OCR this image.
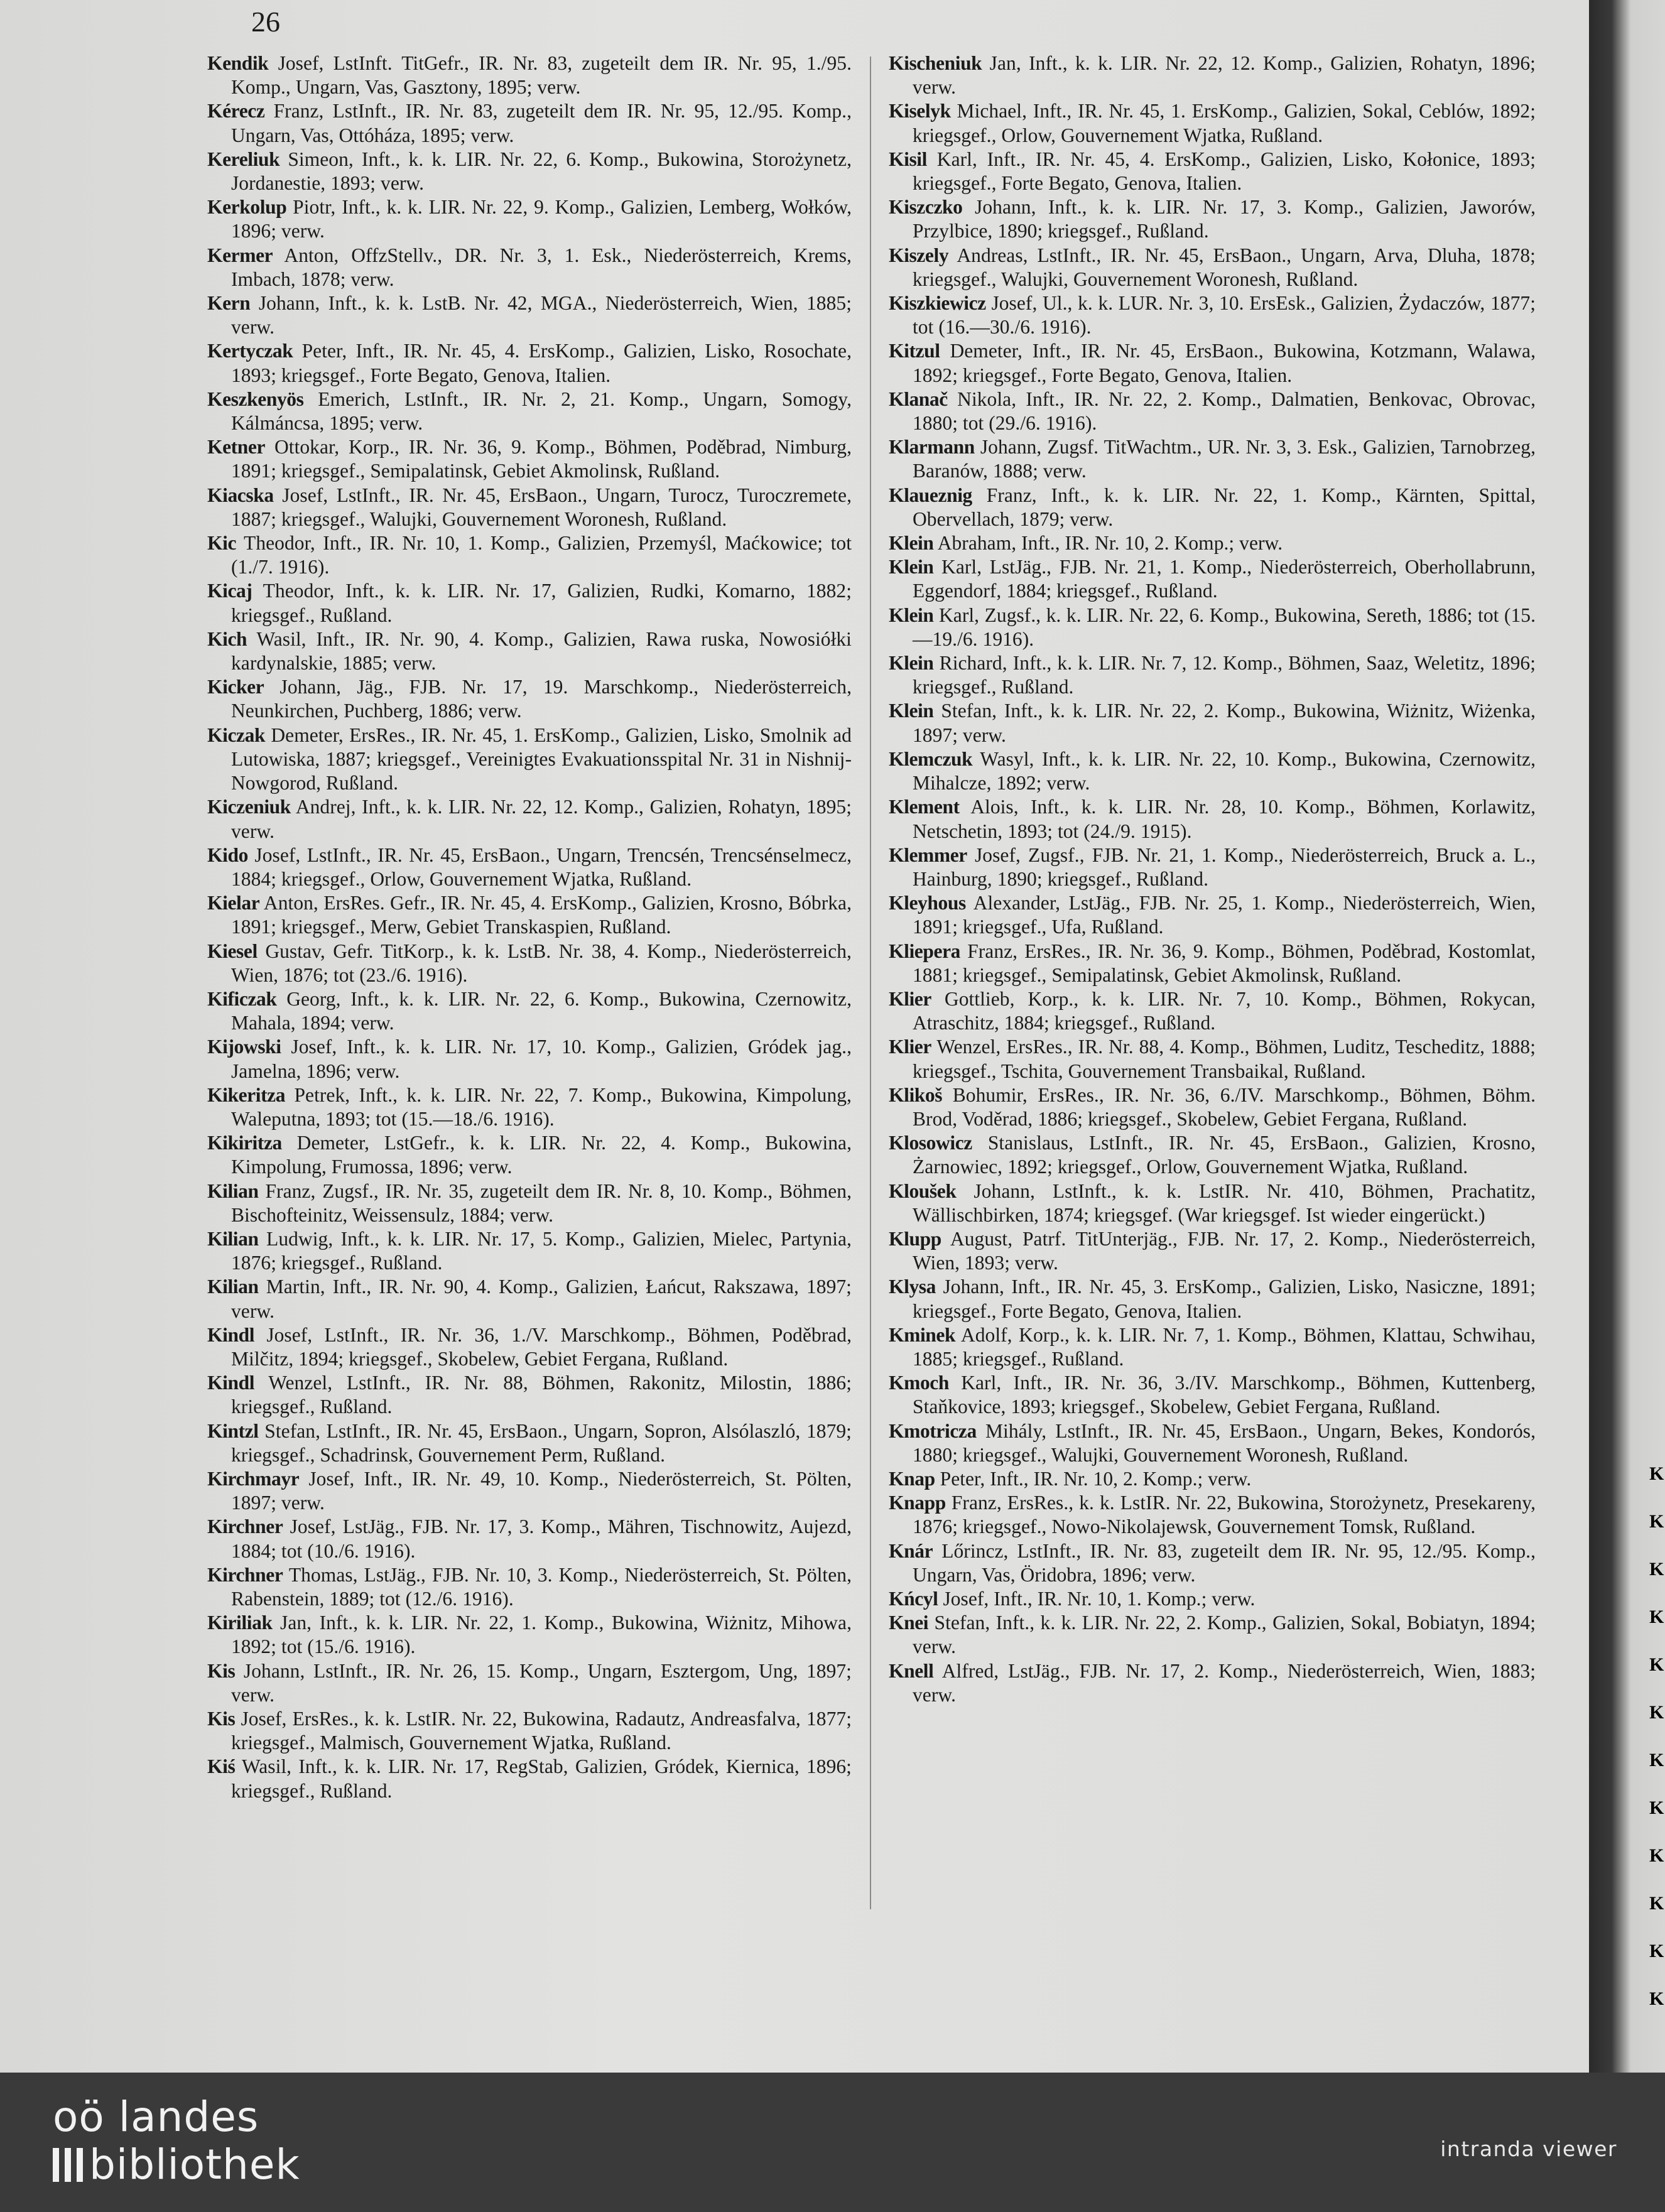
26

Kendik Josef, LstInft. TitGefr., IR. Nr. 83, zugeteilt dem IR. Nr. 95, 1./95. Komp., Ungarn, Vas, Gasztony, 1895; verw.

Kérecz Franz, LstInft., IR. Nr. 83, zugeteilt dem IR. Nr. 95, 12./95. Komp., Ungarn, Vas, Ottóháza, 1895; verw.

Kereliuk Simeon, Inft., k. k. LIR. Nr. 22, 6. Komp., Bukowina, Storożynetz, Jordanestie, 1893; verw.

Kerkolup Piotr, Inft., k. k. LIR. Nr. 22, 9. Komp., Galizien, Lemberg, Wołków, 1896; verw.

Kermer Anton, OffzStellv., DR. Nr. 3, 1. Esk., Niederösterreich, Krems, Imbach, 1878; verw.

Kern Johann, Inft., k. k. LstB. Nr. 42, MGA., Niederösterreich, Wien, 1885; verw.

Kertyczak Peter, Inft., IR. Nr. 45, 4. ErsKomp., Galizien, Lisko, Rosochate, 1893; kriegsgef., Forte Begato, Genova, Italien.

Keszkenyös Emerich, LstInft., IR. Nr. 2, 21. Komp., Ungarn, Somogy, Kálmáncsa, 1895; verw.

Ketner Ottokar, Korp., IR. Nr. 36, 9. Komp., Böhmen, Poděbrad, Nimburg, 1891; kriegsgef., Semipalatinsk, Gebiet Akmolinsk, Rußland.

Kiacska Josef, LstInft., IR. Nr. 45, ErsBaon., Ungarn, Turocz, Turoczremete, 1887; kriegsgef., Walujki, Gouvernement Woronesh, Rußland.

Kic Theodor, Inft., IR. Nr. 10, 1. Komp., Galizien, Przemyśl, Maćkowice; tot (1./7. 1916).

Kicaj Theodor, Inft., k. k. LIR. Nr. 17, Galizien, Rudki, Komarno, 1882; kriegsgef., Rußland.

Kich Wasil, Inft., IR. Nr. 90, 4. Komp., Galizien, Rawa ruska, Nowosiółki kardynalskie, 1885; verw.

Kicker Johann, Jäg., FJB. Nr. 17, 19. Marschkomp., Niederösterreich, Neunkirchen, Puchberg, 1886; verw.

Kiczak Demeter, ErsRes., IR. Nr. 45, 1. ErsKomp., Galizien, Lisko, Smolnik ad Lutowiska, 1887; kriegsgef., Vereinigtes Evakuationsspital Nr. 31 in Nishnij-Nowgorod, Rußland.

Kiczeniuk Andrej, Inft., k. k. LIR. Nr. 22, 12. Komp., Galizien, Rohatyn, 1895; verw.

Kido Josef, LstInft., IR. Nr. 45, ErsBaon., Ungarn, Trencsén, Trencsénselmecz, 1884; kriegsgef., Orlow, Gouvernement Wjatka, Rußland.

Kielar Anton, ErsRes. Gefr., IR. Nr. 45, 4. ErsKomp., Galizien, Krosno, Bóbrka, 1891; kriegsgef., Merw, Gebiet Transkaspien, Rußland.

Kiesel Gustav, Gefr. TitKorp., k. k. LstB. Nr. 38, 4. Komp., Niederösterreich, Wien, 1876; tot (23./6. 1916).

Kificzak Georg, Inft., k. k. LIR. Nr. 22, 6. Komp., Bukowina, Czernowitz, Mahala, 1894; verw.

Kijowski Josef, Inft., k. k. LIR. Nr. 17, 10. Komp., Galizien, Gródek jag., Jamelna, 1896; verw.

Kikeritza Petrek, Inft., k. k. LIR. Nr. 22, 7. Komp., Bukowina, Kimpolung, Waleputna, 1893; tot (15.—18./6. 1916).

Kikiritza Demeter, LstGefr., k. k. LIR. Nr. 22, 4. Komp., Bukowina, Kimpolung, Frumossa, 1896; verw.

Kilian Franz, Zugsf., IR. Nr. 35, zugeteilt dem IR. Nr. 8, 10. Komp., Böhmen, Bischofteinitz, Weissensulz, 1884; verw.

Kilian Ludwig, Inft., k. k. LIR. Nr. 17, 5. Komp., Galizien, Mielec, Partynia, 1876; kriegsgef., Rußland.

Kilian Martin, Inft., IR. Nr. 90, 4. Komp., Galizien, Łańcut, Rakszawa, 1897; verw.

Kindl Josef, LstInft., IR. Nr. 36, 1./V. Marschkomp., Böhmen, Poděbrad, Milčitz, 1894; kriegsgef., Skobelew, Gebiet Fergana, Rußland.

Kindl Wenzel, LstInft., IR. Nr. 88, Böhmen, Rakonitz, Milostin, 1886; kriegsgef., Rußland.

Kintzl Stefan, LstInft., IR. Nr. 45, ErsBaon., Ungarn, Sopron, Alsólaszló, 1879; kriegsgef., Schadrinsk, Gouvernement Perm, Rußland.

Kirchmayr Josef, Inft., IR. Nr. 49, 10. Komp., Niederösterreich, St. Pölten, 1897; verw.

Kirchner Josef, LstJäg., FJB. Nr. 17, 3. Komp., Mähren, Tischnowitz, Aujezd, 1884; tot (10./6. 1916).

Kirchner Thomas, LstJäg., FJB. Nr. 10, 3. Komp., Niederösterreich, St. Pölten, Rabenstein, 1889; tot (12./6. 1916).

Kiriliak Jan, Inft., k. k. LIR. Nr. 22, 1. Komp., Bukowina, Wiżnitz, Mihowa, 1892; tot (15./6. 1916).

Kis Johann, LstInft., IR. Nr. 26, 15. Komp., Ungarn, Esztergom, Ung, 1897; verw.

Kis Josef, ErsRes., k. k. LstIR. Nr. 22, Bukowina, Radautz, Andreasfalva, 1877; kriegsgef., Malmisch, Gouvernement Wjatka, Rußland.

Kiś Wasil, Inft., k. k. LIR. Nr. 17, RegStab, Galizien, Gródek, Kiernica, 1896; kriegsgef., Rußland.

Kischeniuk Jan, Inft., k. k. LIR. Nr. 22, 12. Komp., Galizien, Rohatyn, 1896; verw.

Kiselyk Michael, Inft., IR. Nr. 45, 1. ErsKomp., Galizien, Sokal, Ceblów, 1892; kriegsgef., Orlow, Gouvernement Wjatka, Rußland.

Kisil Karl, Inft., IR. Nr. 45, 4. ErsKomp., Galizien, Lisko, Kołonice, 1893; kriegsgef., Forte Begato, Genova, Italien.

Kiszczko Johann, Inft., k. k. LIR. Nr. 17, 3. Komp., Galizien, Jaworów, Przylbice, 1890; kriegsgef., Rußland.

Kiszely Andreas, LstInft., IR. Nr. 45, ErsBaon., Ungarn, Arva, Dluha, 1878; kriegsgef., Walujki, Gouvernement Woronesh, Rußland.

Kiszkiewicz Josef, Ul., k. k. LUR. Nr. 3, 10. ErsEsk., Galizien, Żydaczów, 1877; tot (16.—30./6. 1916).

Kitzul Demeter, Inft., IR. Nr. 45, ErsBaon., Bukowina, Kotzmann, Walawa, 1892; kriegsgef., Forte Begato, Genova, Italien.

Klanač Nikola, Inft., IR. Nr. 22, 2. Komp., Dalmatien, Benkovac, Obrovac, 1880; tot (29./6. 1916).

Klarmann Johann, Zugsf. TitWachtm., UR. Nr. 3, 3. Esk., Galizien, Tarnobrzeg, Baranów, 1888; verw.

Klaueznig Franz, Inft., k. k. LIR. Nr. 22, 1. Komp., Kärnten, Spittal, Obervellach, 1879; verw.

Klein Abraham, Inft., IR. Nr. 10, 2. Komp.; verw.

Klein Karl, LstJäg., FJB. Nr. 21, 1. Komp., Niederösterreich, Oberhollabrunn, Eggendorf, 1884; kriegsgef., Rußland.

Klein Karl, Zugsf., k. k. LIR. Nr. 22, 6. Komp., Bukowina, Sereth, 1886; tot (15.—19./6. 1916).

Klein Richard, Inft., k. k. LIR. Nr. 7, 12. Komp., Böhmen, Saaz, Weletitz, 1896; kriegsgef., Rußland.

Klein Stefan, Inft., k. k. LIR. Nr. 22, 2. Komp., Bukowina, Wiżnitz, Wiżenka, 1897; verw.

Klemczuk Wasyl, Inft., k. k. LIR. Nr. 22, 10. Komp., Bukowina, Czernowitz, Mihalcze, 1892; verw.

Klement Alois, Inft., k. k. LIR. Nr. 28, 10. Komp., Böhmen, Korlawitz, Netschetin, 1893; tot (24./9. 1915).

Klemmer Josef, Zugsf., FJB. Nr. 21, 1. Komp., Niederösterreich, Bruck a. L., Hainburg, 1890; kriegsgef., Rußland.

Kleyhous Alexander, LstJäg., FJB. Nr. 25, 1. Komp., Niederösterreich, Wien, 1891; kriegsgef., Ufa, Rußland.

Kliepera Franz, ErsRes., IR. Nr. 36, 9. Komp., Böhmen, Poděbrad, Kostomlat, 1881; kriegsgef., Semipalatinsk, Gebiet Akmolinsk, Rußland.

Klier Gottlieb, Korp., k. k. LIR. Nr. 7, 10. Komp., Böhmen, Rokycan, Atraschitz, 1884; kriegsgef., Rußland.

Klier Wenzel, ErsRes., IR. Nr. 88, 4. Komp., Böhmen, Luditz, Tescheditz, 1888; kriegsgef., Tschita, Gouvernement Transbaikal, Rußland.

Klikoš Bohumir, ErsRes., IR. Nr. 36, 6./IV. Marschkomp., Böhmen, Böhm. Brod, Voděrad, 1886; kriegsgef., Skobelew, Gebiet Fergana, Rußland.

Klosowicz Stanislaus, LstInft., IR. Nr. 45, ErsBaon., Galizien, Krosno, Żarnowiec, 1892; kriegsgef., Orlow, Gouvernement Wjatka, Rußland.

Kloušek Johann, LstInft., k. k. LstIR. Nr. 410, Böhmen, Prachatitz, Wällischbirken, 1874; kriegsgef. (War kriegsgef. Ist wieder eingerückt.)

Klupp August, Patrf. TitUnterjäg., FJB. Nr. 17, 2. Komp., Niederösterreich, Wien, 1893; verw.

Klysa Johann, Inft., IR. Nr. 45, 3. ErsKomp., Galizien, Lisko, Nasiczne, 1891; kriegsgef., Forte Begato, Genova, Italien.

Kminek Adolf, Korp., k. k. LIR. Nr. 7, 1. Komp., Böhmen, Klattau, Schwihau, 1885; kriegsgef., Rußland.

Kmoch Karl, Inft., IR. Nr. 36, 3./IV. Marschkomp., Böhmen, Kuttenberg, Staňkovice, 1893; kriegsgef., Skobelew, Gebiet Fergana, Rußland.

Kmotricza Mihály, LstInft., IR. Nr. 45, ErsBaon., Ungarn, Bekes, Kondorós, 1880; kriegsgef., Walujki, Gouvernement Woronesh, Rußland.

Knap Peter, Inft., IR. Nr. 10, 2. Komp.; verw.

Knapp Franz, ErsRes., k. k. LstIR. Nr. 22, Bukowina, Storożynetz, Presekareny, 1876; kriegsgef., Nowo-Nikolajewsk, Gouvernement Tomsk, Rußland.

Knár Lőrincz, LstInft., IR. Nr. 83, zugeteilt dem IR. Nr. 95, 12./95. Komp., Ungarn, Vas, Öridobra, 1896; verw.

Kńcyl Josef, Inft., IR. Nr. 10, 1. Komp.; verw.

Knei Stefan, Inft., k. k. LIR. Nr. 22, 2. Komp., Galizien, Sokal, Bobiatyn, 1894; verw.

Knell Alfred, LstJäg., FJB. Nr. 17, 2. Komp., Niederösterreich, Wien, 1883; verw.

K
K
K
K
K
K
K
K
K
K
K
K
oö landes
bibliothek	intranda viewer
